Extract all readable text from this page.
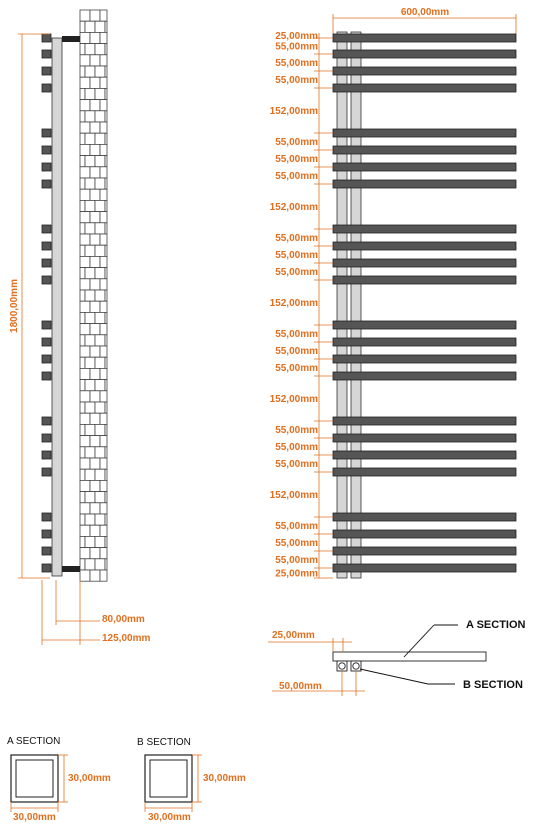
1800,00mm
80,00mm
125,00mm
600,00mm
25,00mm
55,00mm
55,00mm
55,00mm
152,00mm
55,00mm
55,00mm
55,00mm
152,00mm
55,00mm
55,00mm
55,00mm
152,00mm
55,00mm
55,00mm
55,00mm
152,00mm
55,00mm
55,00mm
55,00mm
152,00mm
55,00mm
55,00mm
55,00mm
25,00mm
25,00mm
50,00mm
A SECTION
B SECTION
A SECTION
30,00mm
30,00mm
B SECTION
30,00mm
30,00mm
